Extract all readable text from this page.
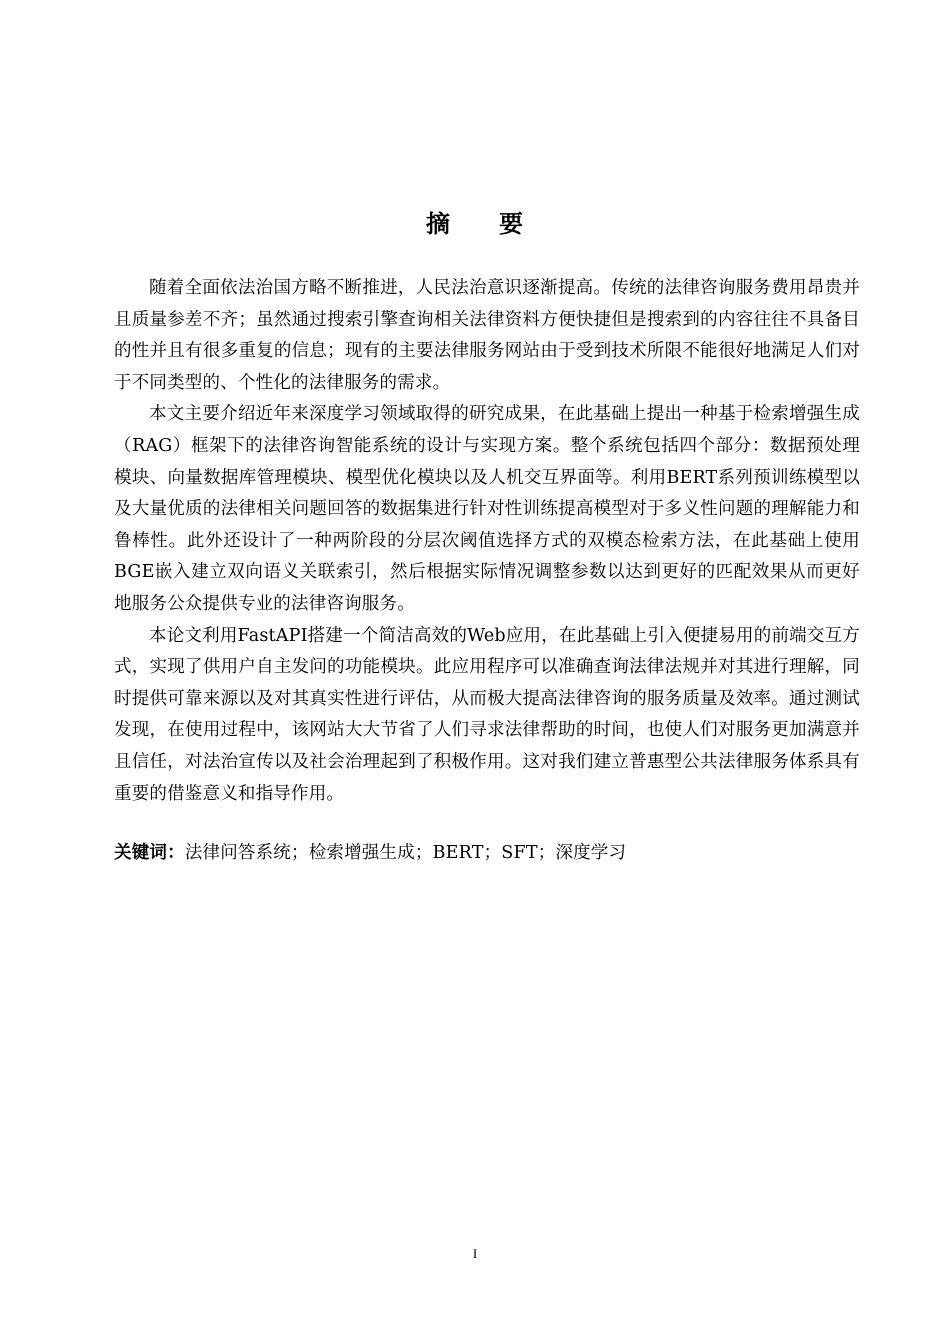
摘 要

随着全面依法治国方略不断推进，人民法治意识逐渐提高。传统的法律咨询服务费用昂贵并且质量参差不齐；虽然通过搜索引擎查询相关法律资料方便快捷但是搜索到的内容往往不具备目的性并且有很多重复的信息；现有的主要法律服务网站由于受到技术所限不能很好地满足人们对于不同类型的、个性化的法律服务的需求。

本文主要介绍近年来深度学习领域取得的研究成果，在此基础上提出一种基于检索增强生成（RAG）框架下的法律咨询智能系统的设计与实现方案。整个系统包括四个部分：数据预处理模块、向量数据库管理模块、模型优化模块以及人机交互界面等。利用BERT系列预训练模型以及大量优质的法律相关问题回答的数据集进行针对性训练提高模型对于多义性问题的理解能力和鲁棒性。此外还设计了一种两阶段的分层次阈值选择方式的双模态检索方法，在此基础上使用BGE嵌入建立双向语义关联索引，然后根据实际情况调整参数以达到更好的匹配效果从而更好地服务公众提供专业的法律咨询服务。

本论文利用FastAPI搭建一个简洁高效的Web应用，在此基础上引入便捷易用的前端交互方式，实现了供用户自主发问的功能模块。此应用程序可以准确查询法律法规并对其进行理解，同时提供可靠来源以及对其真实性进行评估，从而极大提高法律咨询的服务质量及效率。通过测试发现，在使用过程中，该网站大大节省了人们寻求法律帮助的时间，也使人们对服务更加满意并且信任，对法治宣传以及社会治理起到了积极作用。这对我们建立普惠型公共法律服务体系具有重要的借鉴意义和指导作用。

关键词：法律问答系统；检索增强生成；BERT；SFT；深度学习
I
